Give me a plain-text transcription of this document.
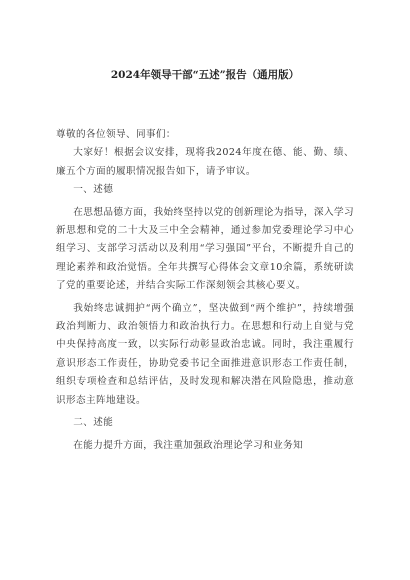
2024年领导干部“五述”报告（通用版）

尊敬的各位领导、同事们：

大家好！根据会议安排，现将我2024年度在德、能、勤、绩、廉五个方面的履职情况报告如下，请予审议。

一、述德

在思想品德方面，我始终坚持以党的创新理论为指导，深入学习新思想和党的二十大及三中全会精神，通过参加党委理论学习中心组学习、支部学习活动以及利用“学习强国”平台，不断提升自己的理论素养和政治觉悟。全年共撰写心得体会文章10余篇，系统研读了党的重要论述，并结合实际工作深刻领会其核心要义。

我始终忠诚拥护“两个确立”，坚决做到“两个维护”，持续增强政治判断力、政治领悟力和政治执行力。在思想和行动上自觉与党中央保持高度一致，以实际行动彰显政治忠诚。同时，我注重履行意识形态工作责任，协助党委书记全面推进意识形态工作责任制，组织专项检查和总结评估，及时发现和解决潜在风险隐患，推动意识形态主阵地建设。

二、述能

在能力提升方面，我注重加强政治理论学习和业务知
